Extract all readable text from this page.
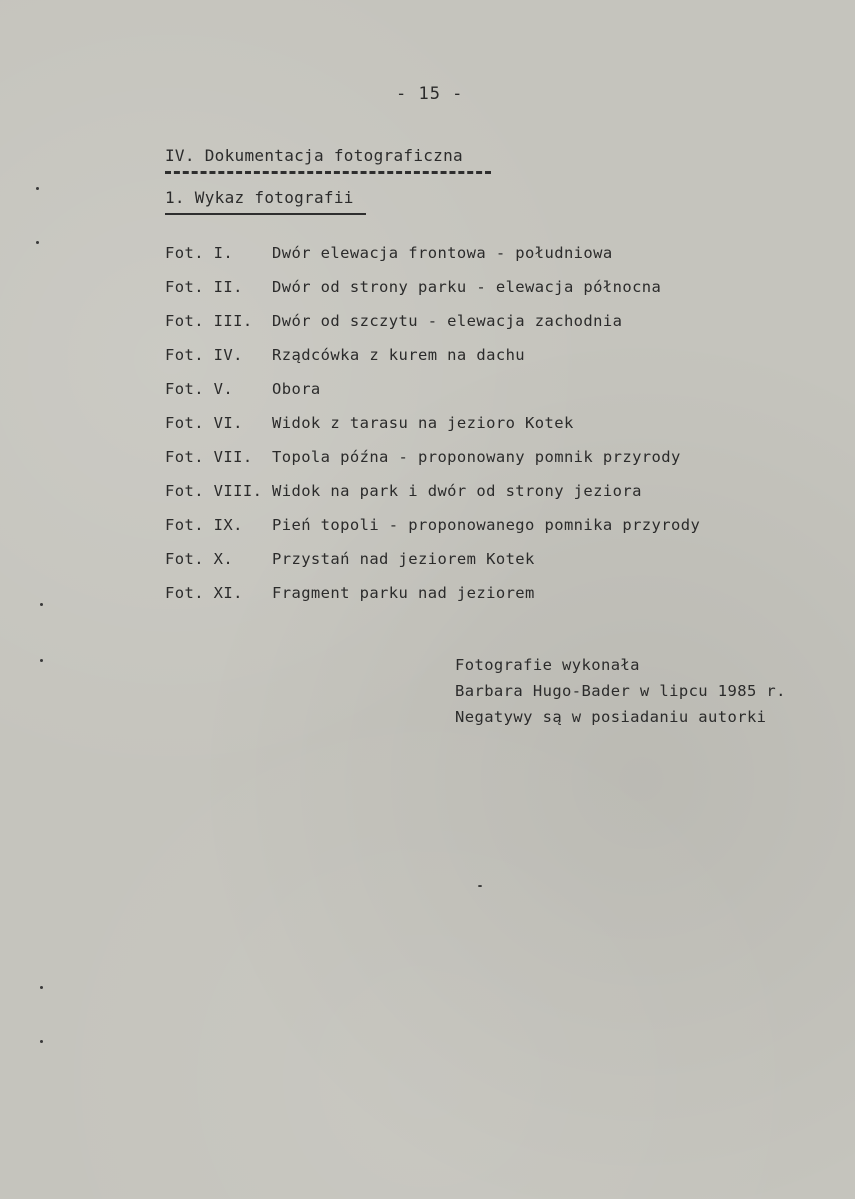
- 15 -
IV. Dokumentacja fotograficzna
1. Wykaz fotografii
Fot. I.	Dwór elewacja frontowa - południowa
Fot. II.	Dwór od strony parku - elewacja północna
Fot. III.	Dwór od szczytu - elewacja zachodnia
Fot. IV.	Rządcówka z kurem na dachu
Fot. V.	Obora
Fot. VI.	Widok z tarasu na jezioro Kotek
Fot. VII.	Topola późna - proponowany pomnik przyrody
Fot. VIII. Widok na park i dwór od strony jeziora
Fot. IX.	Pień topoli - proponowanego pomnika przyrody
Fot. X.	Przystań nad jeziorem Kotek
Fot. XI.	Fragment parku nad jeziorem
Fotografie wykonała
Barbara Hugo-Bader w lipcu 1985 r.
Negatywy są w posiadaniu autorki
